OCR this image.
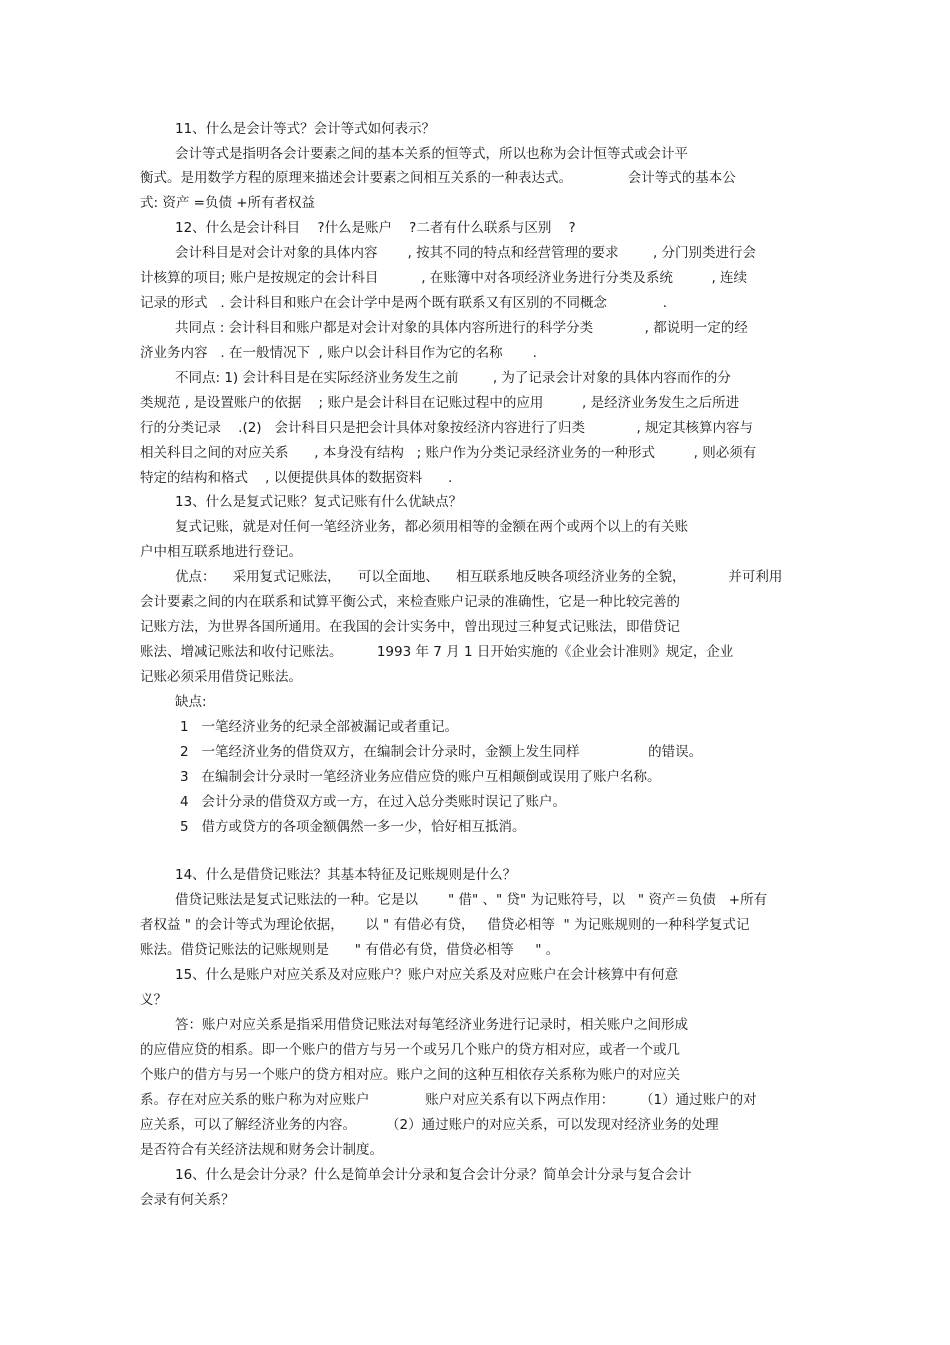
11、什么是会计等式？会计等式如何表示？
会计等式是指明各会计要素之间的基本关系的恒等式，所以也称为会计恒等式或会计平
衡式。是用数学方程的原理来描述会计要素之间相互关系的一种表达式。             会计等式的基本公
式: 资产 =负债 +所有者权益
12、什么是会计科目    ?什么是账户    ?二者有什么联系与区别    ?
会计科目是对会计对象的具体内容       , 按其不同的特点和经营管理的要求        , 分门别类进行会
计核算的项目; 账户是按规定的会计科目          , 在账簿中对各项经济业务进行分类及系统         , 连续
记录的形式   . 会计科目和账户在会计学中是两个既有联系又有区别的不同概念             .
共同点 : 会计科目和账户都是对会计对象的具体内容所进行的科学分类            , 都说明一定的经
济业务内容   . 在一般情况下  , 账户以会计科目作为它的名称       .
不同点: 1) 会计科目是在实际经济业务发生之前        , 为了记录会计对象的具体内容而作的分
类规范 , 是设置账户的依据    ; 账户是会计科目在记账过程中的应用         , 是经济业务发生之后所进
行的分类记录    .(2)   会计科目只是把会计具体对象按经济内容进行了归类            , 规定其核算内容与
相关科目之间的对应关系      , 本身没有结构   ; 账户作为分类记录经济业务的一种形式         , 则必须有
特定的结构和格式    , 以便提供具体的数据资料      .
13、什么是复式记账？复式记账有什么优缺点？
复式记账，就是对任何一笔经济业务，都必须用相等的金额在两个或两个以上的有关账
户中相互联系地进行登记。
优点：    采用复式记账法，    可以全面地、    相互联系地反映各项经济业务的全貌，          并可利用
会计要素之间的内在联系和试算平衡公式，来检查账户记录的准确性，它是一种比较完善的
记账方法，为世界各国所通用。在我国的会计实务中，曾出现过三种复式记账法，即借贷记
账法、增减记账法和收付记账法。        1993 年 7 月 1 日开始实施的《企业会计准则》规定，企业
记账必须采用借贷记账法。
缺点:
1   一笔经济业务的纪录全部被漏记或者重记。
2   一笔经济业务的借贷双方，在编制会计分录时，金额上发生同样                的错误。
3   在编制会计分录时一笔经济业务应借应贷的账户互相颠倒或误用了账户名称。
4   会计分录的借贷双方或一方，在过入总分类账时误记了账户。
5   借方或贷方的各项金额偶然一多一少，恰好相互抵消。
14、什么是借贷记账法？其基本特征及记账规则是什么？
借贷记账法是复式记账法的一种。它是以       " 借" 、" 贷" 为记账符号，以   " 资产＝负债   +所有
者权益 " 的会计等式为理论依据，     以 " 有借必有贷，   借贷必相等  " 为记账规则的一种科学复式记
账法。借贷记账法的记账规则是      " 有借必有贷，借贷必相等     " 。
15、什么是账户对应关系及对应账户？账户对应关系及对应账户在会计核算中有何意
义？
答：账户对应关系是指采用借贷记账法对每笔经济业务进行记录时，相关账户之间形成
的应借应贷的相系。即一个账户的借方与另一个或另几个账户的贷方相对应，或者一个或几
个账户的借方与另一个账户的贷方相对应。账户之间的这种互相依存关系称为账户的对应关
系。存在对应关系的账户称为对应账户             账户对应关系有以下两点作用：      （1）通过账户的对
应关系，可以了解经济业务的内容。       （2）通过账户的对应关系，可以发现对经济业务的处理
是否符合有关经济法规和财务会计制度。
16、什么是会计分录？什么是简单会计分录和复合会计分录？简单会计分录与复合会计
会录有何关系？
